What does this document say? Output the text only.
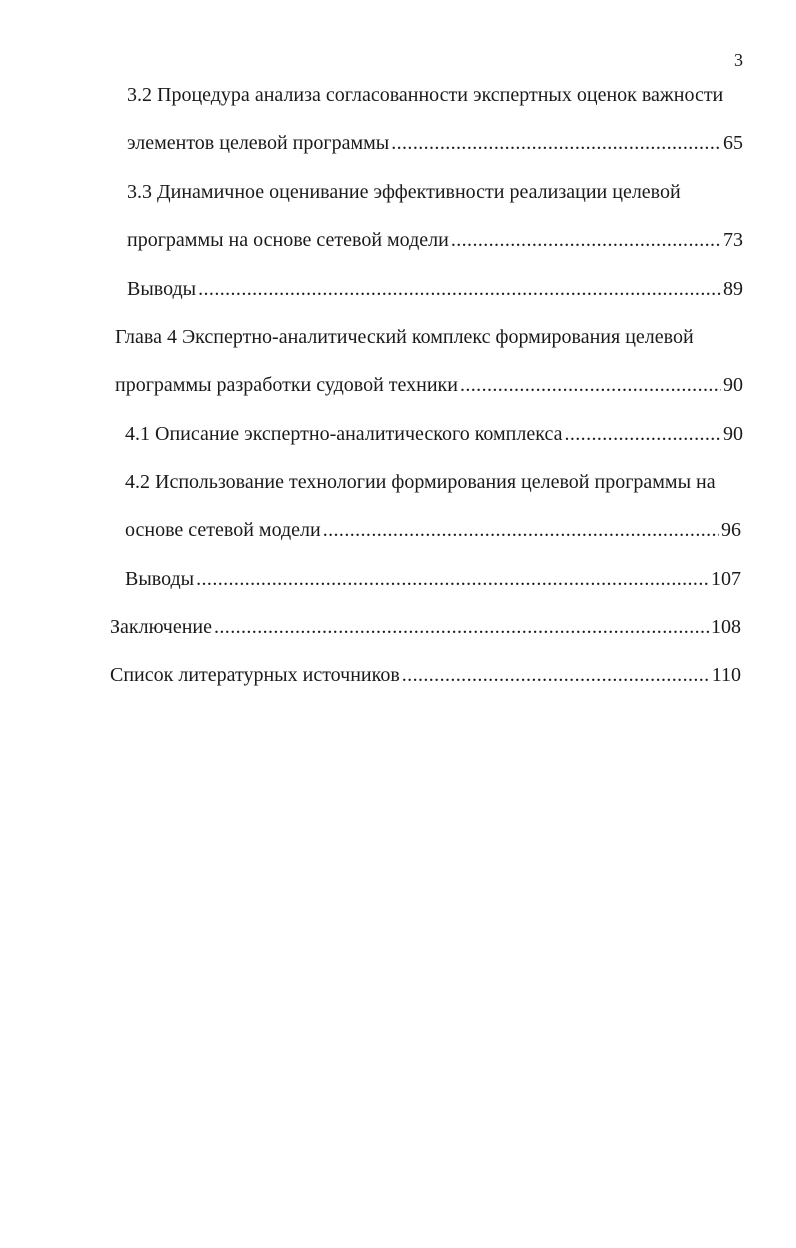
3
3.2 Процедура анализа согласованности экспертных оценок важности
элементов целевой программы .....	65
3.3 Динамичное оценивание эффективности реализации целевой
программы на основе сетевой модели .....	73
Выводы .....	89
Глава 4 Экспертно-аналитический комплекс формирования целевой
программы разработки судовой техники .....	90
4.1 Описание экспертно-аналитического комплекса .....	90
4.2 Использование технологии формирования целевой программы на
основе сетевой модели .....	96
Выводы .....	107
Заключение .....	108
Список литературных источников .....	110
